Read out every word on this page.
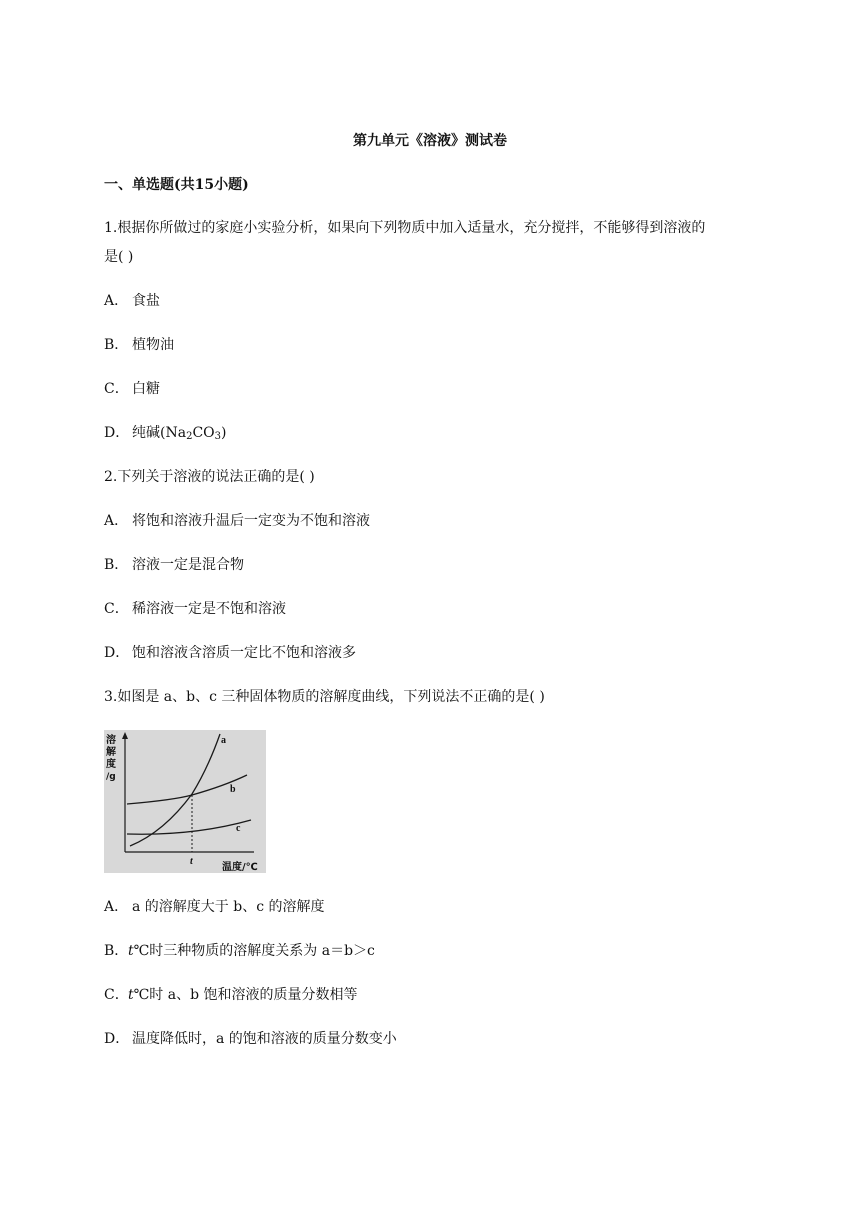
第九单元《溶液》测试卷
一、单选题(共15小题)
1.根据你所做过的家庭小实验分析，如果向下列物质中加入适量水，充分搅拌，不能够得到溶液的
是( )
A． 食盐
B． 植物油
C． 白糖
D． 纯碱$(Na_2CO_3)$
2.下列关于溶液的说法正确的是( )
A． 将饱和溶液升温后一定变为不饱和溶液
B． 溶液一定是混合物
C． 稀溶液一定是不饱和溶液
D． 饱和溶液含溶质一定比不饱和溶液多
3.如图是 a、b、c 三种固体物质的溶解度曲线，下列说法不正确的是( )
溶
解
度
/g
a
b
c
t
温度/℃
A． a 的溶解度大于 b、c 的溶解度
B．t℃时三种物质的溶解度关系为 a＝b＞c
C．t℃时 a、b 饱和溶液的质量分数相等
D． 温度降低时，a 的饱和溶液的质量分数变小
